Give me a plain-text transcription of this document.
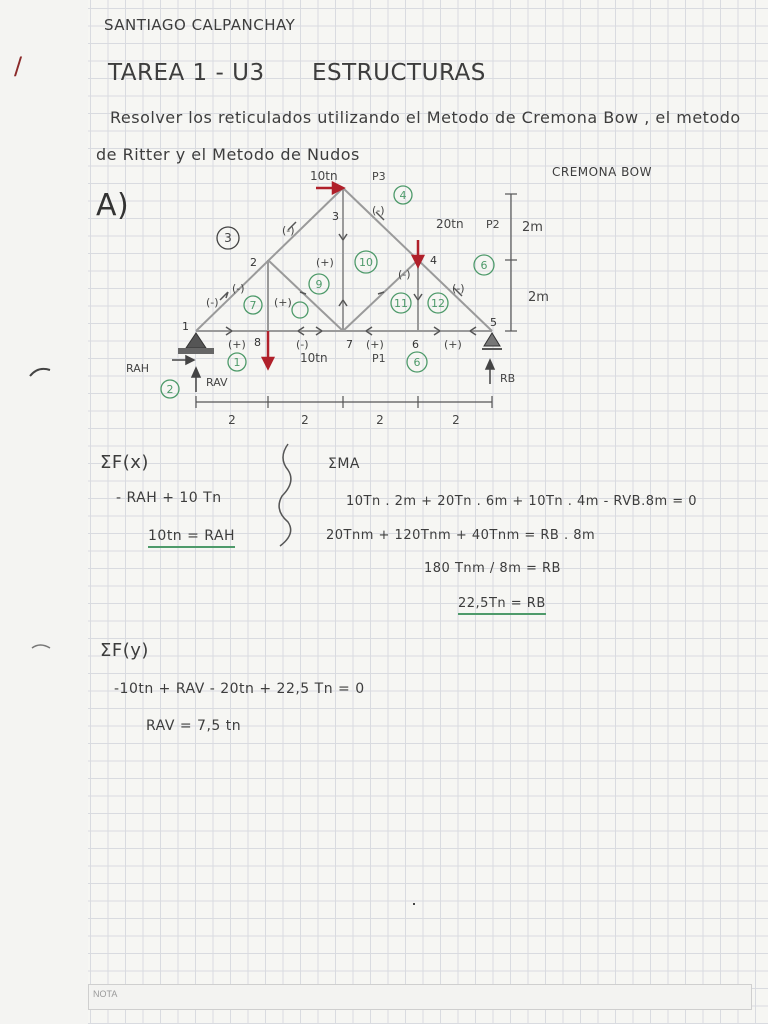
/
SANTIAGO CALPANCHAY
TAREA 1 - U3 ESTRUCTURAS
Resolver los reticulados utilizando el Metodo de Cremona Bow , el metodo
de Ritter y el Metodo de Nudos
A)
CREMONA BOW
(-)
(-)
(-)
(-)
(-)
(-)
(+)
(+)
(+)	(+)	(+)
(-)
1
2
3
4
5
6
7
8
1
2
4
6
6
7
9
10
11 12
3
10tn	P3
20tn P2
10tn	P1
2m
2m
RAH
RAV	RB
2	2	2	2
ΣF(x)
- RAH + 10 Tn
10tn = RAH
ΣMA
10Tn . 2m + 20Tn . 6m + 10Tn . 4m - RVB.8m = 0
20Tnm + 120Tnm + 40Tnm = RB . 8m
180 Tnm / 8m = RB
22,5Tn = RB
ΣF(y)
-10tn + RAV - 20tn + 22,5 Tn = 0
RAV = 7,5 tn
NOTA
